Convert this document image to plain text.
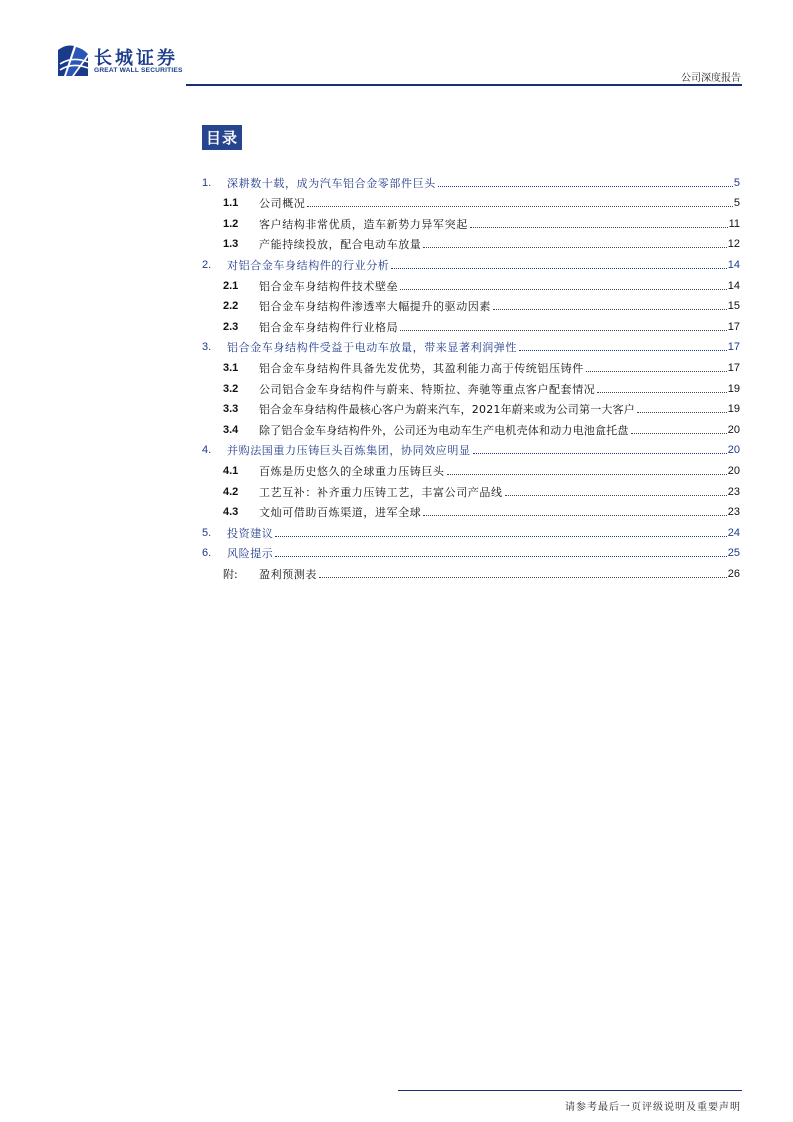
长城证券
GREAT WALL SECURITIES
公司深度报告
目录
1.	深耕数十载，成为汽车铝合金零部件巨头	5
1.1	公司概况	5
1.2	客户结构非常优质，造车新势力异军突起	11
1.3	产能持续投放，配合电动车放量	12
2.	对铝合金车身结构件的行业分析	14
2.1	铝合金车身结构件技术壁垒	14
2.2	铝合金车身结构件渗透率大幅提升的驱动因素	15
2.3	铝合金车身结构件行业格局	17
3.	铝合金车身结构件受益于电动车放量，带来显著利润弹性	17
3.1	铝合金车身结构件具备先发优势，其盈利能力高于传统铝压铸件	17
3.2	公司铝合金车身结构件与蔚来、特斯拉、奔驰等重点客户配套情况	19
3.3	铝合金车身结构件最核心客户为蔚来汽车，2021年蔚来或为公司第一大客户	19
3.4	除了铝合金车身结构件外，公司还为电动车生产电机壳体和动力电池盒托盘	20
4.	并购法国重力压铸巨头百炼集团，协同效应明显	20
4.1	百炼是历史悠久的全球重力压铸巨头	20
4.2	工艺互补：补齐重力压铸工艺，丰富公司产品线	23
4.3	文灿可借助百炼渠道，进军全球	23
5.	投资建议	24
6.	风险提示	25
附:	盈利预测表	26
请参考最后一页评级说明及重要声明
